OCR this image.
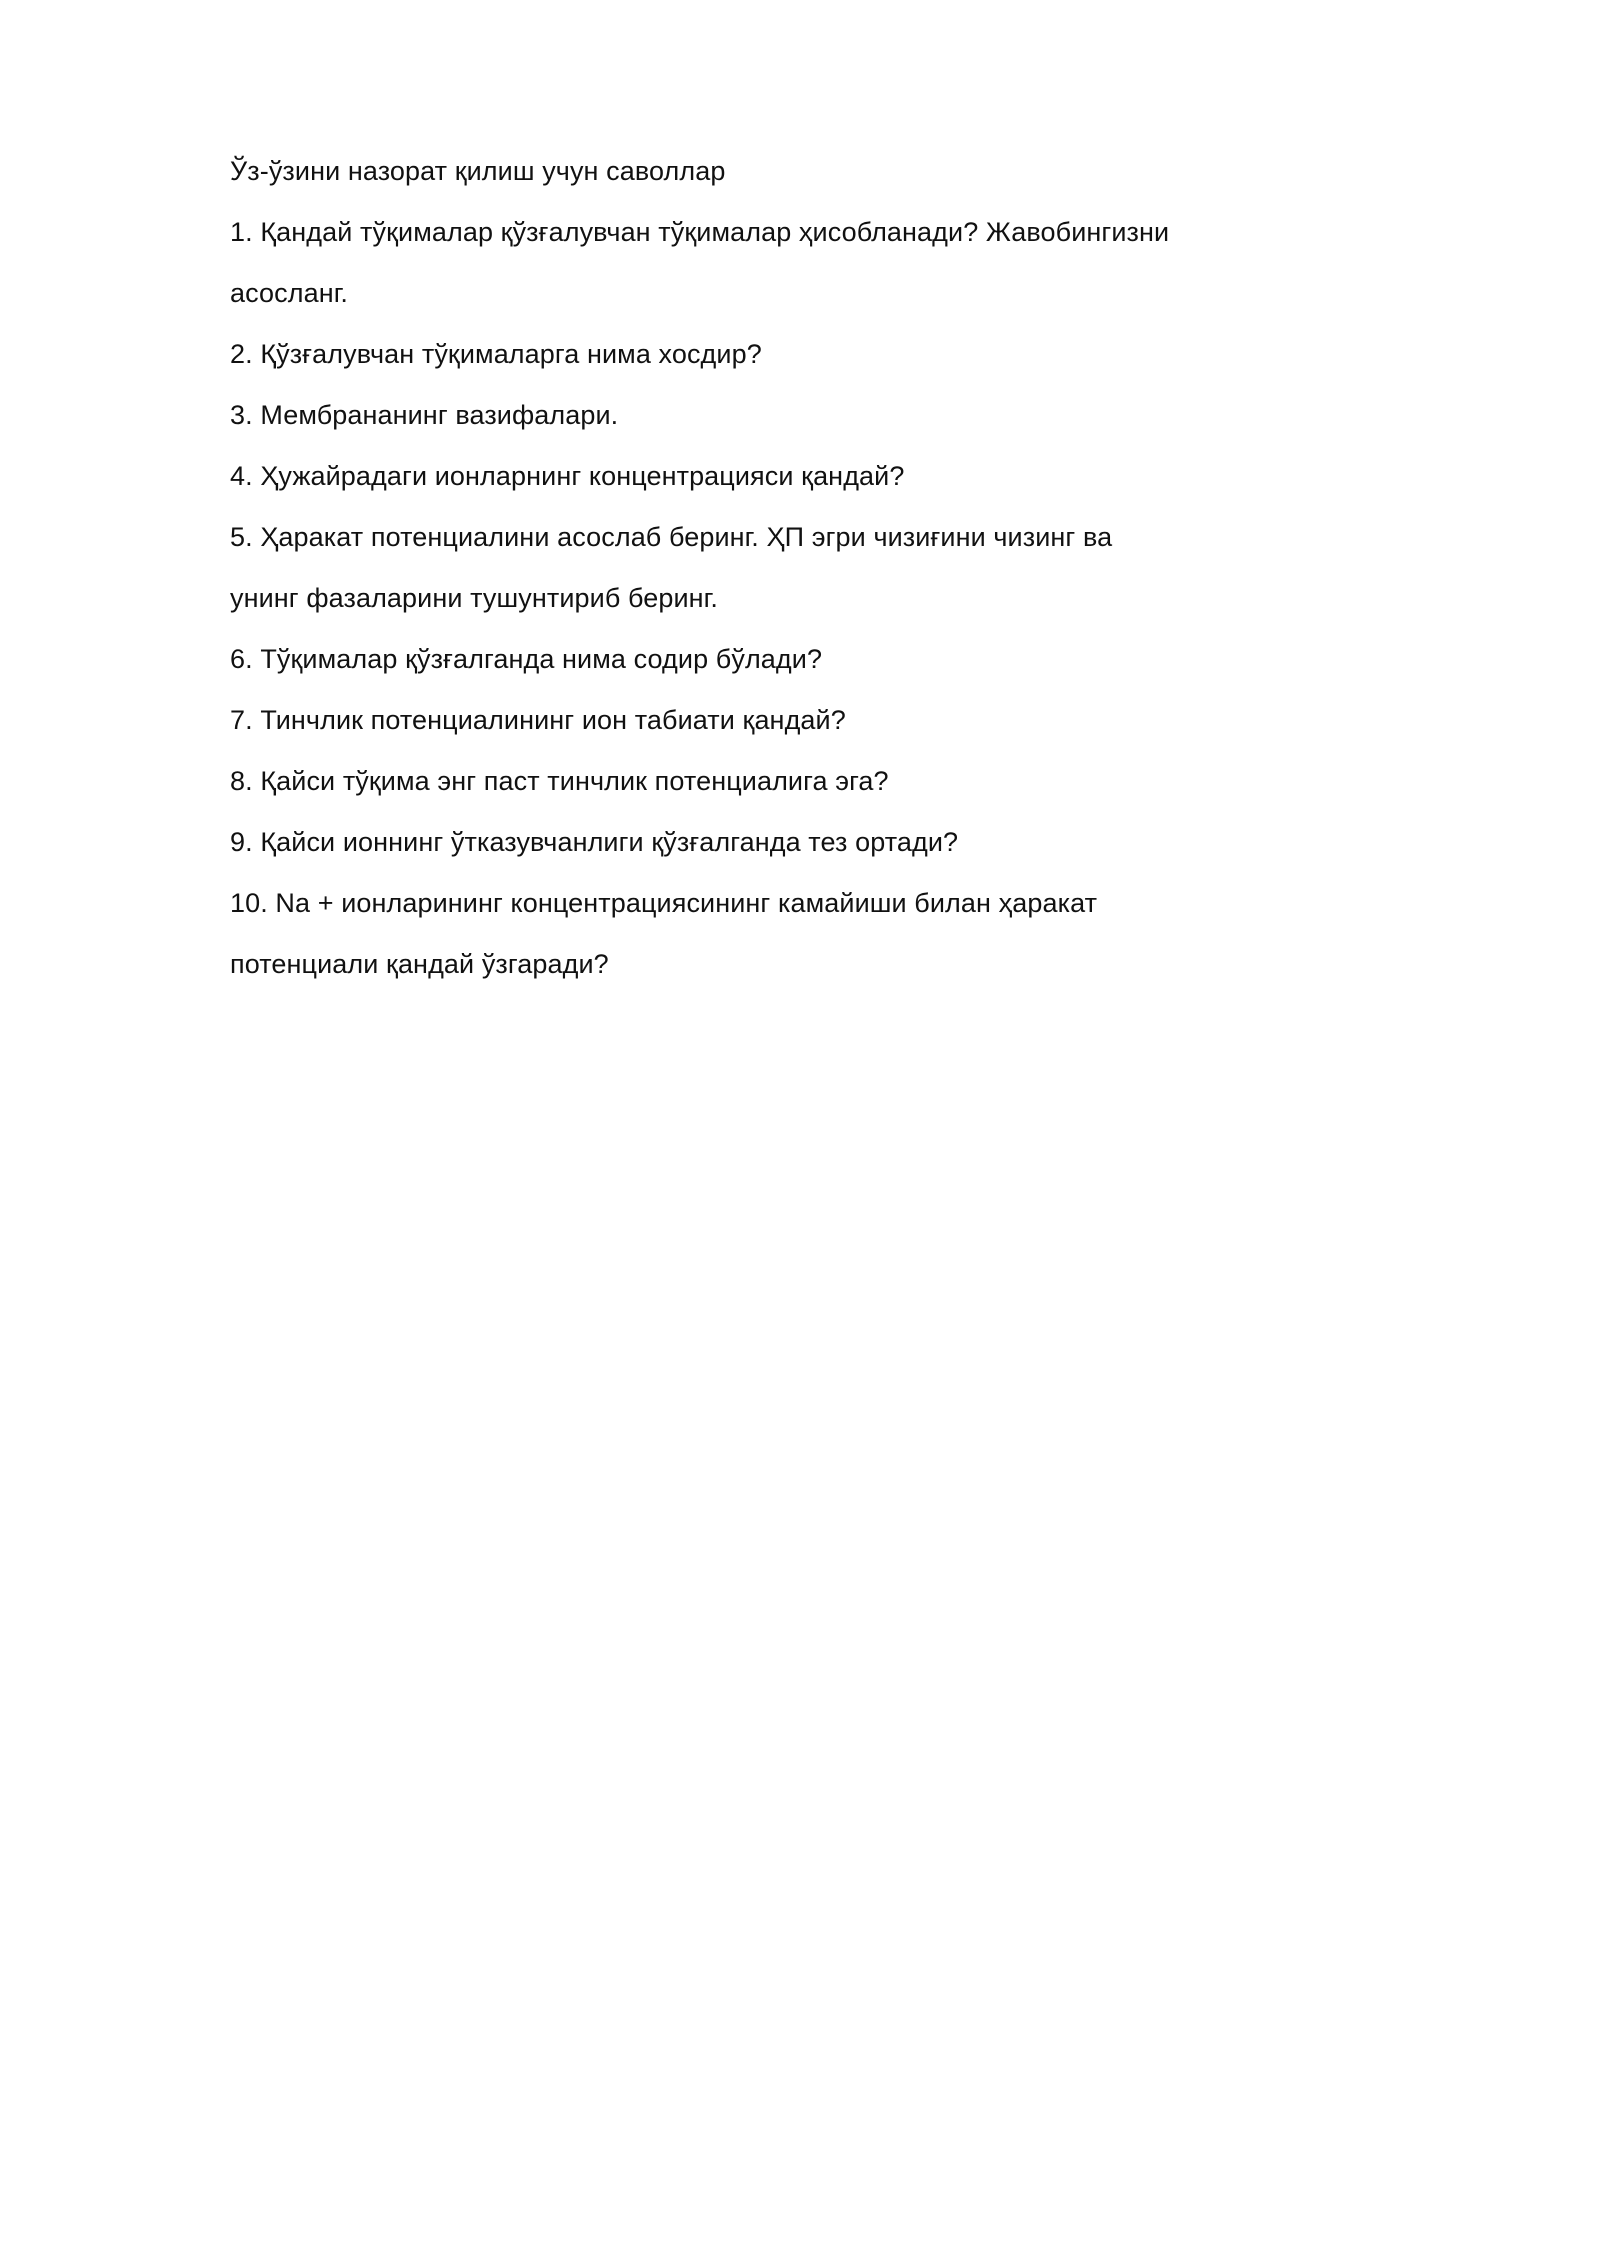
Ўз-ўзини назорат қилиш учун саволлар
1. Қандай тўқималар қўзғалувчан тўқималар ҳисобланади? Жавобингизни
асосланг.
2. Қўзғалувчан тўқималарга нима хосдир?
3. Мембрананинг вазифалари.
4. Ҳужайрадаги ионларнинг концентрацияси қандай?
5. Ҳаракат потенциалини асослаб беринг. ҲП эгри чизиғини чизинг ва
унинг фазаларини тушунтириб беринг.
6. Тўқималар қўзғалганда нима содир бўлади?
7. Тинчлик потенциалининг ион табиати қандай?
8. Қайси тўқима энг паст тинчлик потенциалига эга?
9. Қайси ионнинг ўтказувчанлиги қўзғалганда тез ортади?
10. Na + ионларининг концентрациясининг камайиши билан ҳаракат
потенциали қандай ўзгаради?
